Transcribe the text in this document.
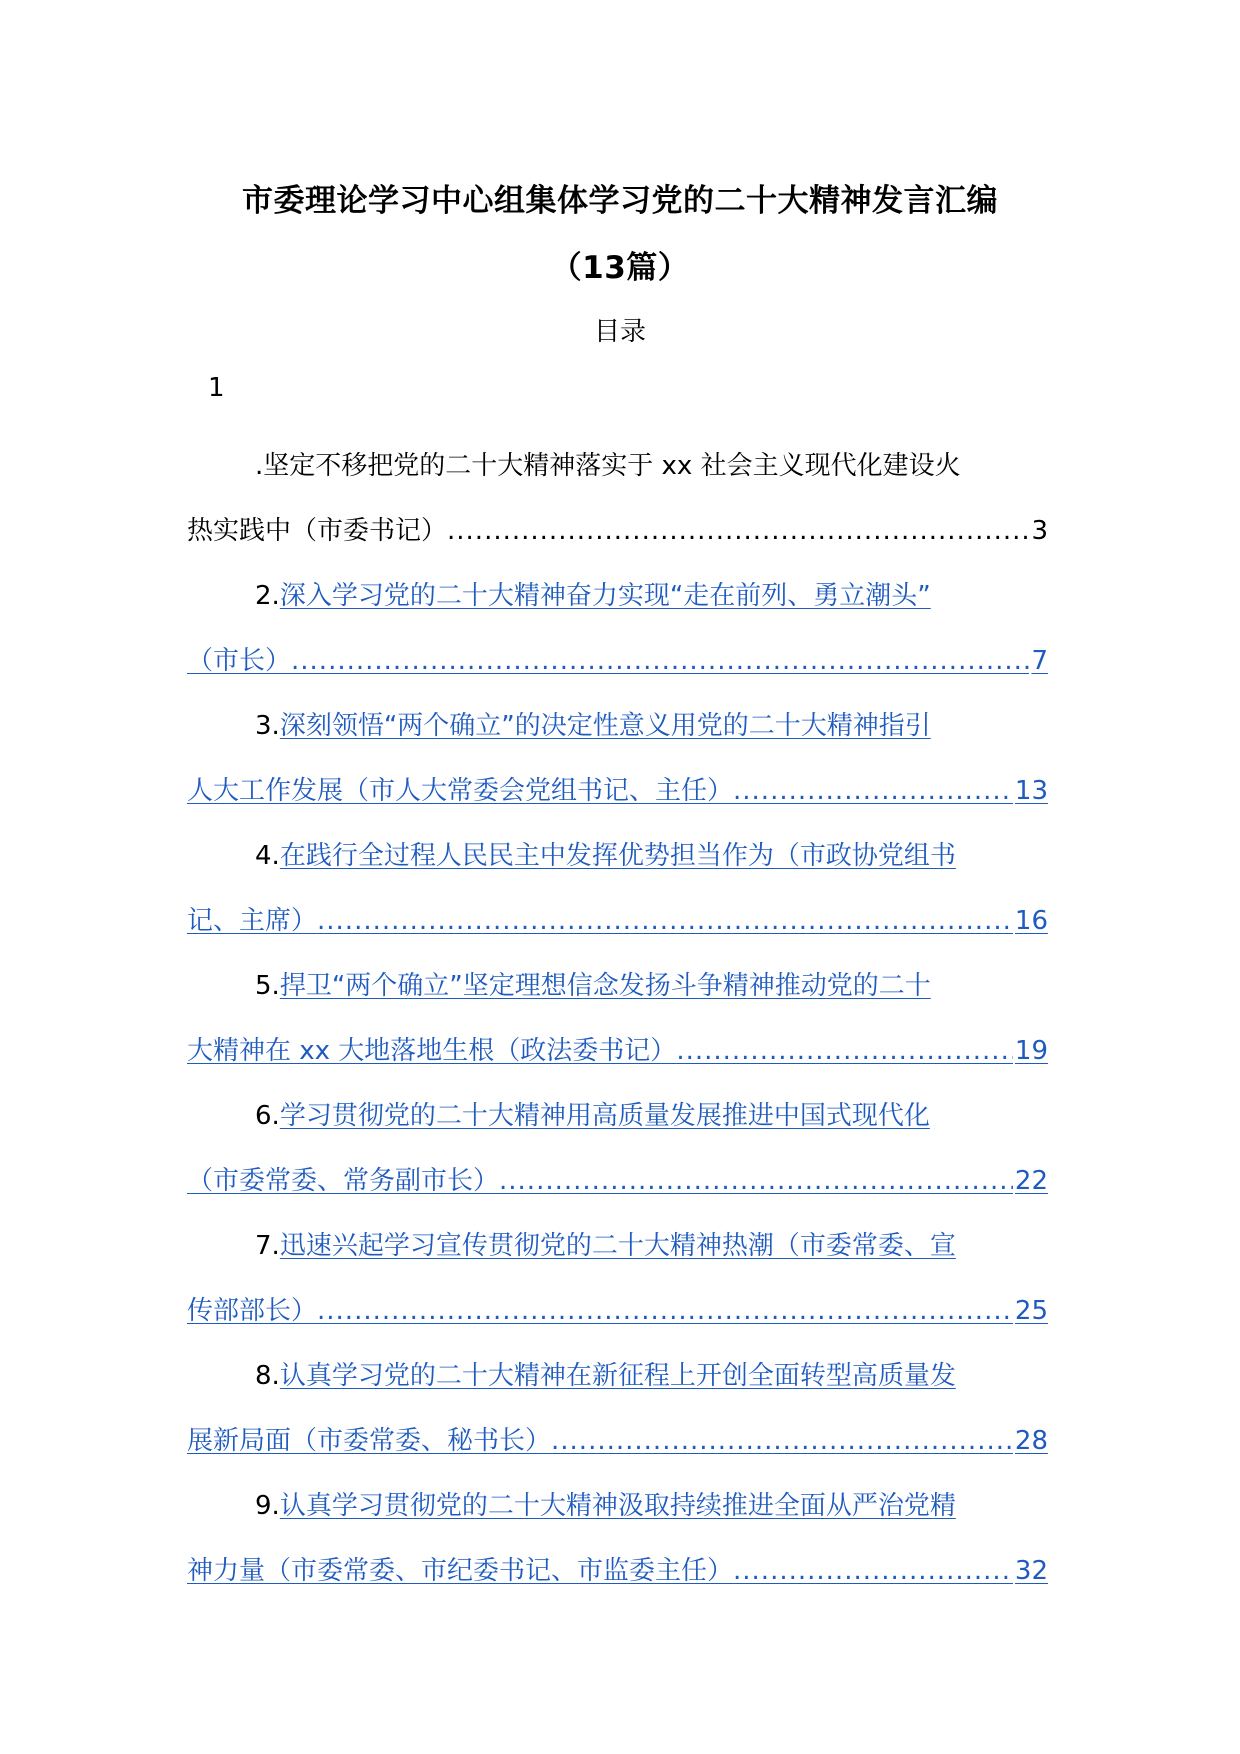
市委理论学习中心组集体学习党的二十大精神发言汇编
（13篇）
目录
1
.坚定不移把党的二十大精神落实于 xx 社会主义现代化建设火
热实践中（市委书记） .....	3
2.深入学习党的二十大精神奋力实现“走在前列、勇立潮头”
（市长） .....	7
3.深刻领悟“两个确立”的决定性意义用党的二十大精神指引
人大工作发展（市人大常委会党组书记、主任） .....	13
4.在践行全过程人民民主中发挥优势担当作为（市政协党组书
记、主席） .....	16
5.捍卫“两个确立”坚定理想信念发扬斗争精神推动党的二十
大精神在 xx 大地落地生根（政法委书记） .....	19
6.学习贯彻党的二十大精神用高质量发展推进中国式现代化
（市委常委、常务副市长） .....	22
7.迅速兴起学习宣传贯彻党的二十大精神热潮（市委常委、宣
传部部长） .....	25
8.认真学习党的二十大精神在新征程上开创全面转型高质量发
展新局面（市委常委、秘书长） .....	28
9.认真学习贯彻党的二十大精神汲取持续推进全面从严治党精
神力量（市委常委、市纪委书记、市监委主任） .....	32
